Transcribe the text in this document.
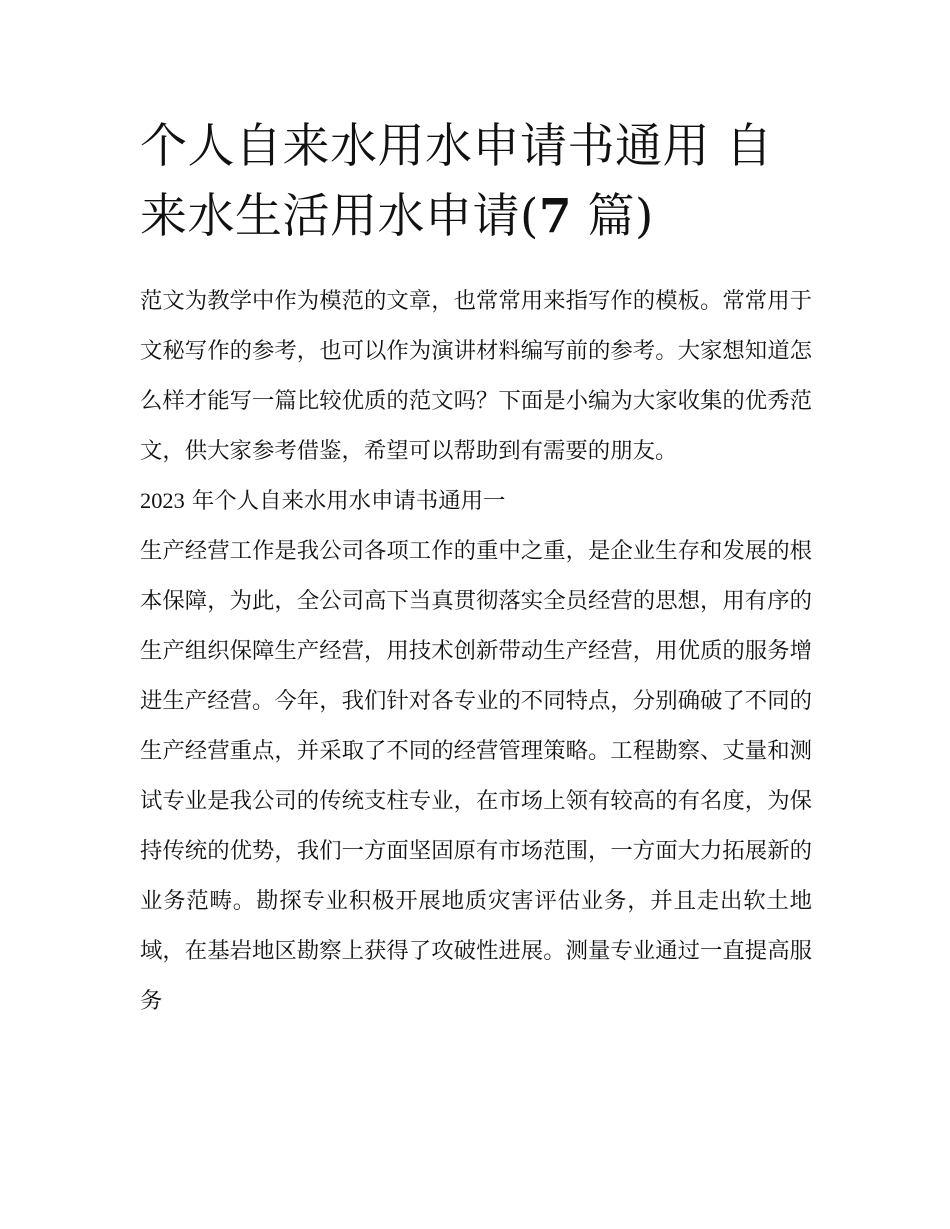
个人自来水用水申请书通用 自来水生活用水申请(7 篇)

范文为教学中作为模范的文章，也常常用来指写作的模板。常常用于文秘写作的参考，也可以作为演讲材料编写前的参考。大家想知道怎么样才能写一篇比较优质的范文吗？下面是小编为大家收集的优秀范文，供大家参考借鉴，希望可以帮助到有需要的朋友。

2023 年个人自来水用水申请书通用一

生产经营工作是我公司各项工作的重中之重，是企业生存和发展的根本保障，为此，全公司高下当真贯彻落实全员经营的思想，用有序的生产组织保障生产经营，用技术创新带动生产经营，用优质的服务增进生产经营。今年，我们针对各专业的不同特点，分别确破了不同的生产经营重点，并采取了不同的经营管理策略。工程勘察、丈量和测试专业是我公司的传统支柱专业，在市场上领有较高的有名度，为保持传统的优势，我们一方面坚固原有市场范围，一方面大力拓展新的业务范畴。勘探专业积极开展地质灾害评估业务，并且走出软土地域，在基岩地区勘察上获得了攻破性进展。测量专业通过一直提高服务
